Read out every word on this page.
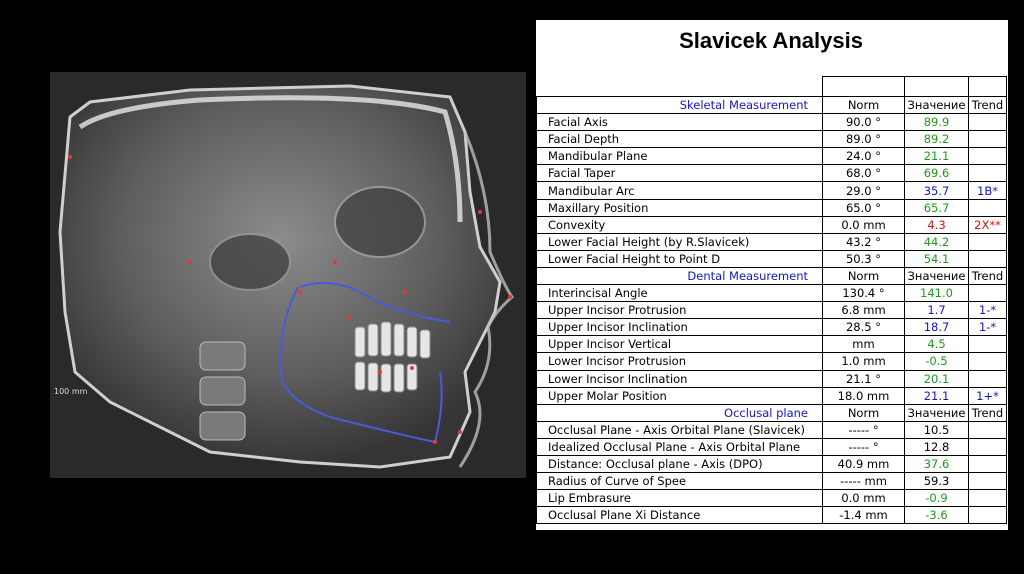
100 mm
Slavicek Analysis

Skeletal Measurement	Norm	Значение	Trend
Facial Axis	90.0 °	89.9	
Facial Depth	89.0 °	89.2	
Mandibular Plane	24.0 °	21.1	
Facial Taper	68.0 °	69.6	
Mandibular Arc	29.0 °	35.7	1B*
Maxillary Position	65.0 °	65.7	
Convexity	0.0 mm	4.3	2X**
Lower Facial Height (by R.Slavicek)	43.2 °	44.2	
Lower Facial Height to Point D	50.3 °	54.1	
Dental Measurement	Norm	Значение	Trend
Interincisal Angle	130.4 °	141.0	
Upper Incisor Protrusion	6.8 mm	1.7	1-*
Upper Incisor Inclination	28.5 °	18.7	1-*
Upper Incisor Vertical	mm	4.5	
Lower Incisor Protrusion	1.0 mm	-0.5	
Lower Incisor Inclination	21.1 °	20.1	
Upper Molar Position	18.0 mm	21.1	1+*
Occlusal plane	Norm	Значение	Trend
Occlusal Plane - Axis Orbital Plane (Slavicek)	----- °	10.5	
Idealized Occlusal Plane - Axis Orbital Plane	----- °	12.8	
Distance: Occlusal plane - Axis (DPO)	40.9 mm	37.6	
Radius of Curve of Spee	----- mm	59.3	
Lip Embrasure	0.0 mm	-0.9	
Occlusal Plane Xi Distance	-1.4 mm	-3.6	
